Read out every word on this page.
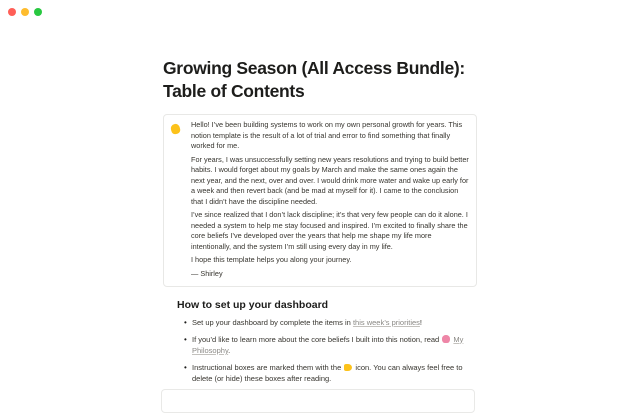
Growing Season (All Access Bundle):
Table of Contents

Hello! I’ve been building systems to work on my own personal growth for years. This notion template is the result of a lot of trial and error to find something that finally worked for me.

For years, I was unsuccessfully setting new years resolutions and trying to build better habits. I would forget about my goals by March and make the same ones again the next year, and the next, over and over. I would drink more water and wake up early for a week and then revert back (and be mad at myself for it). I came to the conclusion that I didn’t have the discipline needed.

I’ve since realized that I don’t lack discipline; it’s that very few people can do it alone. I needed a system to help me stay focused and inspired. I’m excited to finally share the core beliefs I’ve developed over the years that help me shape my life more intentionally, and the system I’m still using every day in my life.

I hope this template helps you along your journey.

— Shirley

How to set up your dashboard
• Set up your dashboard by complete the items in this week’s priorities!
• If you’d like to learn more about the core beliefs I built into this notion, read  My Philosophy.
• Instructional boxes are marked them with the  icon. You can always feel free to delete (or hide) these boxes after reading.
